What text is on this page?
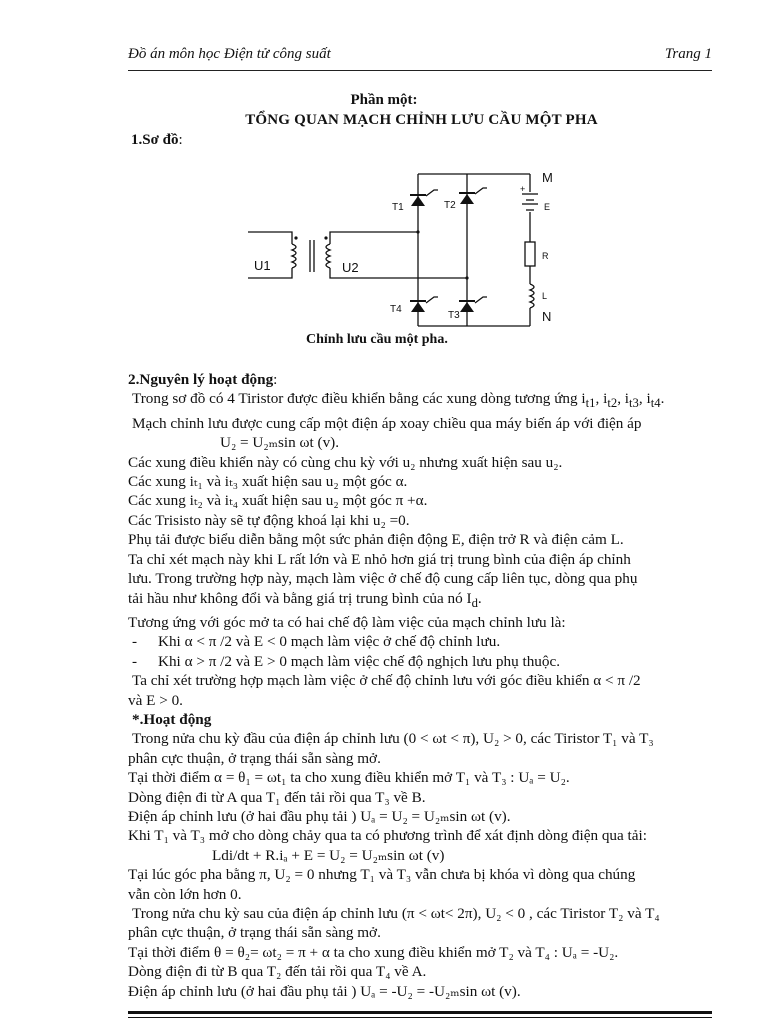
Đồ án môn học Điện tử công suất	Trang 1
Phần một:
TỔNG QUAN MẠCH CHỈNH LƯU CẦU MỘT PHA
1.Sơ đồ:
T1	T2
T4
T3
U1	U2
M
N
+
E
R
L
Chỉnh lưu cầu một pha.

2.Nguyên lý hoạt động:

Trong sơ đồ có 4 Tiristor được điều khiển bằng các xung dòng tương ứng $i_{t1}$, $i_{t2}$, $i_{t3}$, $i_{t4}$.

Mạch chỉnh lưu được cung cấp một điện áp xoay chiều qua máy biến áp với điện áp

U₂ = U₂ₘsin ωt (v).

Các xung điều khiển này có cùng chu kỳ với u₂ nhưng xuất hiện sau u₂.

Các xung iₜ₁ và iₜ₃ xuất hiện sau u₂ một góc α.

Các xung iₜ₂ và iₜ₄ xuất hiện sau u₂ một góc π +α.

Các Trisisto này sẽ tự động khoá lại khi u₂ =0.

Phụ tải được biểu diễn bằng một sức phản điện động E, điện trở R và điện cảm L.

Ta chỉ xét mạch này khi L rất lớn và E nhỏ hơn giá trị trung bình của điện áp chỉnh

lưu. Trong trường hợp này, mạch làm việc ở chế độ cung cấp liên tục, dòng qua phụ

tải hầu như không đổi và bằng giá trị trung bình của nó $I_d$.

Tương ứng với góc mở ta có hai chế độ làm việc của mạch chỉnh lưu là:

- Khi α < π /2 và E < 0 mạch làm việc ở chế độ chỉnh lưu.

- Khi α > π /2 và E > 0 mạch làm việc chế độ nghịch lưu phụ thuộc.

Ta chỉ xét trường hợp mạch làm việc ở chế độ chỉnh lưu với góc điều khiển α < π /2

và E > 0.

*.Hoạt động

Trong nửa chu kỳ đầu của điện áp chỉnh lưu (0 < ωt < π), U₂ > 0, các Tiristor T₁ và T₃

phân cực thuận, ở trạng thái sẵn sàng mở.

Tại thời điểm α = θ₁ = ωt₁ ta cho xung điều khiển mở T₁ và T₃ : Uₐ = U₂.

Dòng điện đi từ A qua T₁ đến tải rồi qua T₃ về B.

Điện áp chỉnh lưu (ở hai đầu phụ tải ) Uₐ = U₂ = U₂ₘsin ωt (v).

Khi T₁ và T₃ mở cho dòng chảy qua ta có phương trình để xát định dòng điện qua tải:

Ldi/dt + R.iₐ + E = U₂ = U₂ₘsin ωt (v)

Tại lúc góc pha bằng π, U₂ = 0 nhưng T₁ và T₃ vẫn chưa bị khóa vì dòng qua chúng

vẫn còn lớn hơn 0.

Trong nửa chu kỳ sau của điện áp chỉnh lưu (π < ωt< 2π), U₂ < 0 , các Tiristor T₂ và T₄

phân cực thuận, ở trạng thái sẵn sàng mở.

Tại thời điểm θ = θ₂= ωt₂ = π + α ta cho xung điều khiển mở T₂ và T₄ : Uₐ = -U₂.

Dòng điện đi từ B qua T₂ đến tải rồi qua T₄ về A.

Điện áp chỉnh lưu (ở hai đầu phụ tải ) Uₐ = -U₂ = -U₂ₘsin ωt (v).
